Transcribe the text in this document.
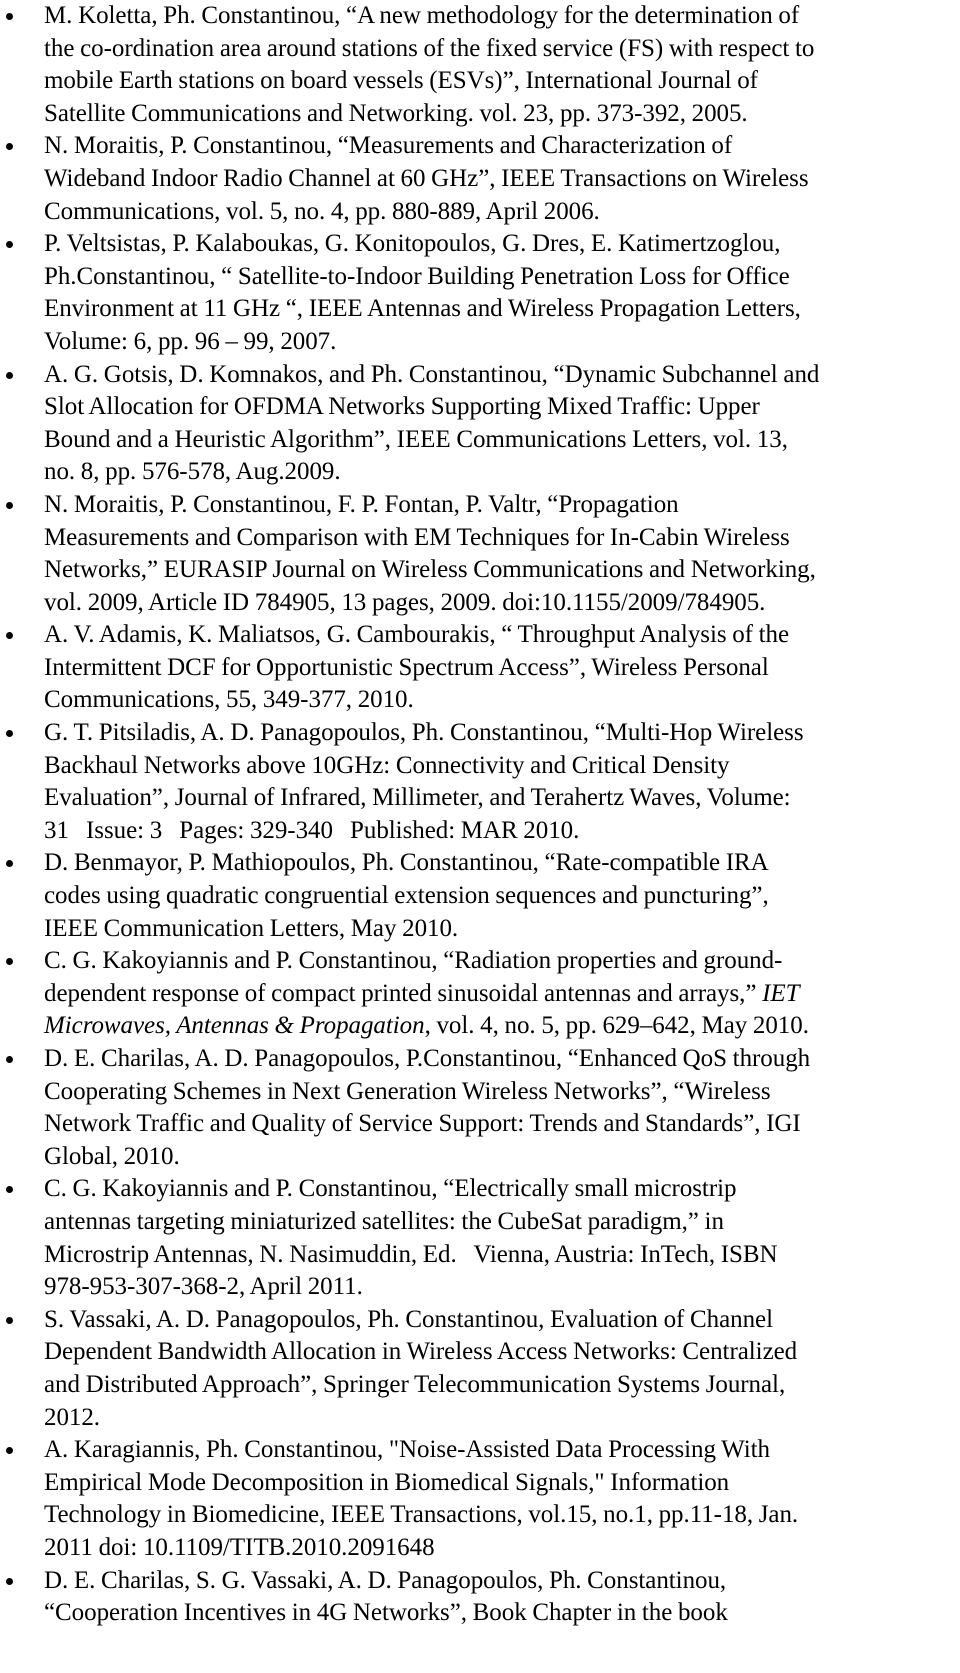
M. Koletta, Ph. Constantinou, “A new methodology for the determination of
the co-ordination area around stations of the fixed service (FS) with respect to
mobile Earth stations on board vessels (ESVs)”, International Journal of
Satellite Communications and Networking. vol. 23, pp. 373-392, 2005.
N. Moraitis, P. Constantinou, “Measurements and Characterization of
Wideband Indoor Radio Channel at 60 GHz”, IEEE Transactions on Wireless
Communications, vol. 5, no. 4, pp. 880-889, April 2006.
P. Veltsistas, P. Kalaboukas, G. Konitopoulos, G. Dres, E. Katimertzoglou,
Ph.Constantinou, “ Satellite-to-Indoor Building Penetration Loss for Office
Environment at 11 GHz “, IEEE Antennas and Wireless Propagation Letters,
Volume: 6, pp. 96 – 99, 2007.
A. G. Gotsis, D. Komnakos, and Ph. Constantinou, “Dynamic Subchannel and
Slot Allocation for OFDMA Networks Supporting Mixed Traffic: Upper
Bound and a Heuristic Algorithm”, IEEE Communications Letters, vol. 13,
no. 8, pp. 576-578, Aug.2009.
N. Moraitis, P. Constantinou, F. P. Fontan, P. Valtr, “Propagation
Measurements and Comparison with EM Techniques for In-Cabin Wireless
Networks,” EURASIP Journal on Wireless Communications and Networking,
vol. 2009, Article ID 784905, 13 pages, 2009. doi:10.1155/2009/784905.
A. V. Adamis, K. Maliatsos, G. Cambourakis, “ Throughput Analysis of the
Intermittent DCF for Opportunistic Spectrum Access”, Wireless Personal
Communications, 55, 349-377, 2010.
G. T. Pitsiladis, A. D. Panagopoulos, Ph. Constantinou, “Multi-Hop Wireless
Backhaul Networks above 10GHz: Connectivity and Critical Density
Evaluation”, Journal of Infrared, Millimeter, and Terahertz Waves, Volume:
31   Issue: 3   Pages: 329-340   Published: MAR 2010.
D. Benmayor, P. Mathiopoulos, Ph. Constantinou, “Rate-compatible IRA
codes using quadratic congruential extension sequences and puncturing”,
IEEE Communication Letters, May 2010.
C. G. Kakoyiannis and P. Constantinou, “Radiation properties and ground-
dependent response of compact printed sinusoidal antennas and arrays,” IET
Microwaves, Antennas & Propagation, vol. 4, no. 5, pp. 629–642, May 2010.
D. E. Charilas, A. D. Panagopoulos, P.Constantinou, “Enhanced QoS through
Cooperating Schemes in Next Generation Wireless Networks”, “Wireless
Network Traffic and Quality of Service Support: Trends and Standards”, IGI
Global, 2010.
C. G. Kakoyiannis and P. Constantinou, “Electrically small microstrip
antennas targeting miniaturized satellites: the CubeSat paradigm,” in
Microstrip Antennas, N. Nasimuddin, Ed.   Vienna, Austria: InTech, ISBN
978-953-307-368-2, April 2011.
S. Vassaki, A. D. Panagopoulos, Ph. Constantinou, Evaluation of Channel
Dependent Bandwidth Allocation in Wireless Access Networks: Centralized
and Distributed Approach”, Springer Telecommunication Systems Journal,
2012.
A. Karagiannis, Ph. Constantinou, "Noise-Assisted Data Processing With
Empirical Mode Decomposition in Biomedical Signals," Information
Technology in Biomedicine, IEEE Transactions, vol.15, no.1, pp.11-18, Jan.
2011 doi: 10.1109/TITB.2010.2091648
D. E. Charilas, S. G. Vassaki, A. D. Panagopoulos, Ph. Constantinou,
“Cooperation Incentives in 4G Networks”, Book Chapter in the book
